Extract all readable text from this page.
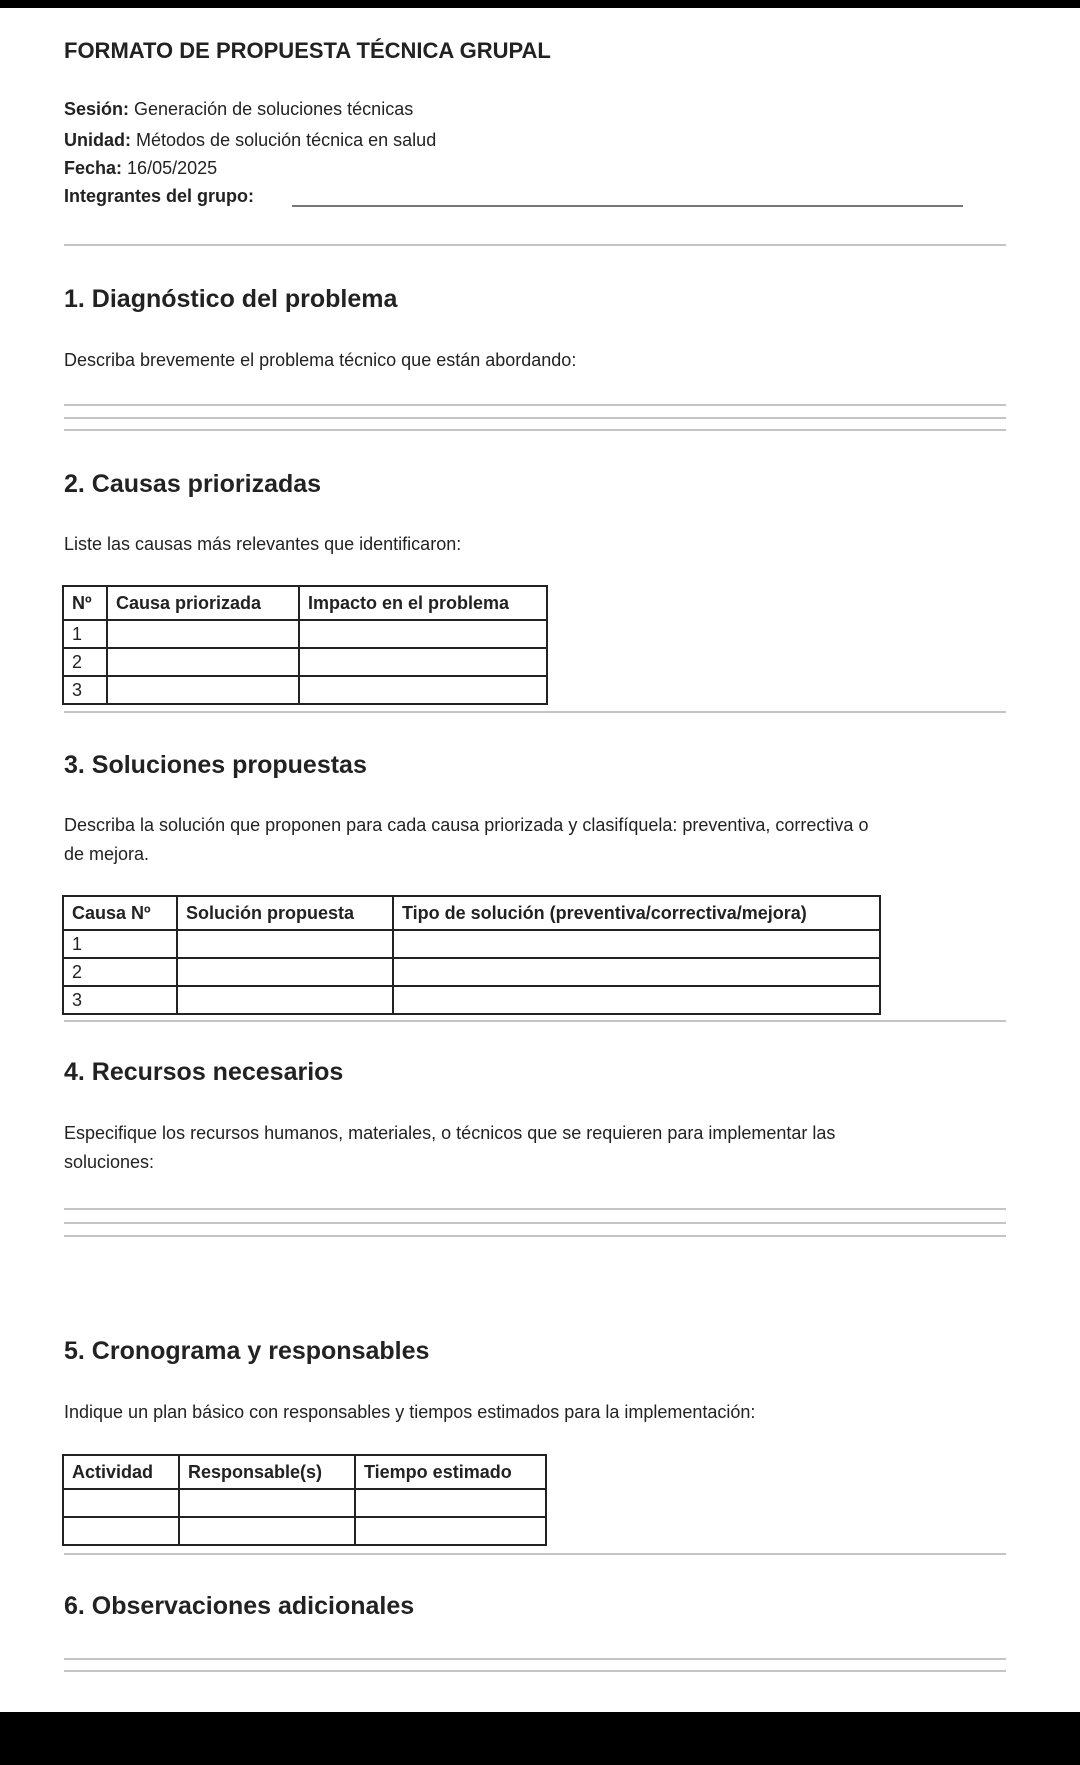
FORMATO DE PROPUESTA TÉCNICA GRUPAL
Sesión: Generación de soluciones técnicas
Unidad: Métodos de solución técnica en salud
Fecha: 16/05/2025
Integrantes del grupo:
1. Diagnóstico del problema
Describa brevemente el problema técnico que están abordando:
2. Causas priorizadas
Liste las causas más relevantes que identificaron:
Nº	Causa priorizada	Impacto en el problema
1		
2		
3		
3. Soluciones propuestas
Describa la solución que proponen para cada causa priorizada y clasifíquela: preventiva, correctiva o
de mejora.
Causa Nº	Solución propuesta	Tipo de solución (preventiva/correctiva/mejora)
1		
2		
3		
4. Recursos necesarios
Especifique los recursos humanos, materiales, o técnicos que se requieren para implementar las
soluciones:
5. Cronograma y responsables
Indique un plan básico con responsables y tiempos estimados para la implementación:
Actividad	Responsable(s)	Tiempo estimado

6. Observaciones adicionales
